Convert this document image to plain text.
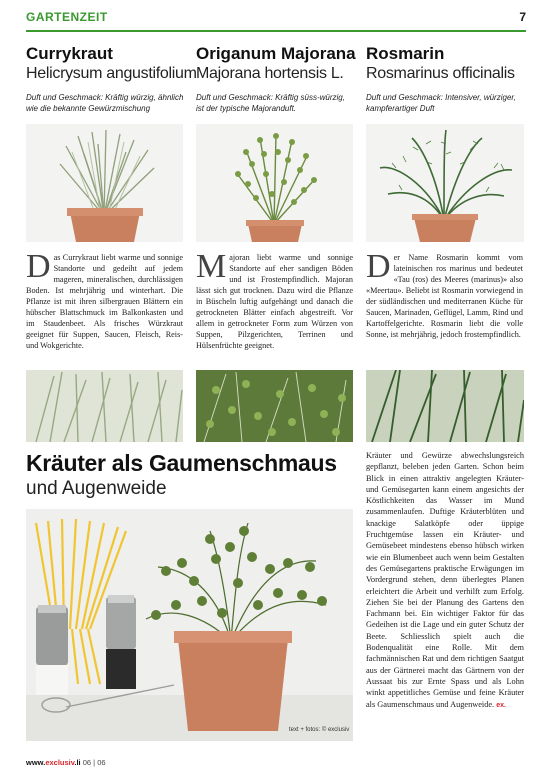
GARTENZEIT	7
Currykraut
Helicrysum angustifolium
Origanum Majorana
Majorana hortensis L.
Rosmarin
Rosmarinus officinalis
Duft und Geschmack: Kräftig würzig, ähnlich wie die bekannte Gewürzmischung
Duft und Geschmack: Kräftig süss-würzig, ist der typische Majoranduft.
Duft und Geschmack: Intensiver, würziger, kampferartiger Duft
Das Currykraut liebt warme und sonnige Standorte und gedeiht auf jedem mageren, mineralischen, durchlässigen Boden. Ist mehrjährig und winterhart. Die Pflanze ist mit ihren silbergrauen Blättern ein hübscher Blattschmuck im Balkonkasten und im Staudenbeet. Als frisches Würzkraut geeignet für Suppen, Saucen, Fleisch, Reis- und Wokgerichte.
Majoran liebt warme und sonnige Standorte auf eher sandigen Böden und ist Frostempfindlich. Majoran lässt sich gut trocknen. Dazu wird die Pflanze in Büscheln luftig aufgehängt und danach die getrockneten Blätter einfach abgestreift. Vor allem in getrockneter Form zum Würzen von Suppen, Pilzgerichten, Terrinen und Hülsenfrüchte geeignet.
Der Name Rosmarin kommt vom lateinischen ros marinus und bedeutet «Tau (ros) des Meeres (marinus)» also «Meertau». Beliebt ist Rosmarin vorwiegend in der südländischen und mediterranen Küche für Saucen, Marinaden, Geflügel, Lamm, Rind und Kartoffelgerichte. Rosmarin liebt die volle Sonne, ist mehrjährig, jedoch frostempfindlich.
Kräuter als Gaumenschmaus
und Augenweide
text + fotos: © exclusiv
Kräuter und Gewürze abwechslungsreich gepflanzt, beleben jeden Garten. Schon beim Blick in einen attraktiv angelegten Kräuter- und Gemüsegarten kann einem angesichts der Köstlichkeiten das Wasser im Mund zusammenlaufen. Duftige Kräuterblüten und knackige Salatköpfe oder üppige Fruchtgemüse lassen ein Kräuter- und Gemüsebeet mindestens ebenso hübsch wirken wie ein Blumenbeet auch wenn beim Gestalten des Gemüsegartens praktische Erwägungen im Vordergrund stehen, denn überlegtes Planen erleichtert die Arbeit und verhilft zum Erfolg. Ziehen Sie bei der Planung des Gartens den Fachmann bei. Ein wichtiger Faktor für das Gedeihen ist die Lage und ein guter Schutz der Beete. Schliesslich spielt auch die Bodenqualität eine Rolle. Mit dem fachmännischen Rat und dem richtigen Saatgut aus der Gärtnerei macht das Gärtnern von der Aussaat bis zur Ernte Spass und als Lohn winkt appetitliches Gemüse und feine Kräuter als Gaumenschmaus und Augenweide. ex.
www.exclusiv.li 06 | 06
